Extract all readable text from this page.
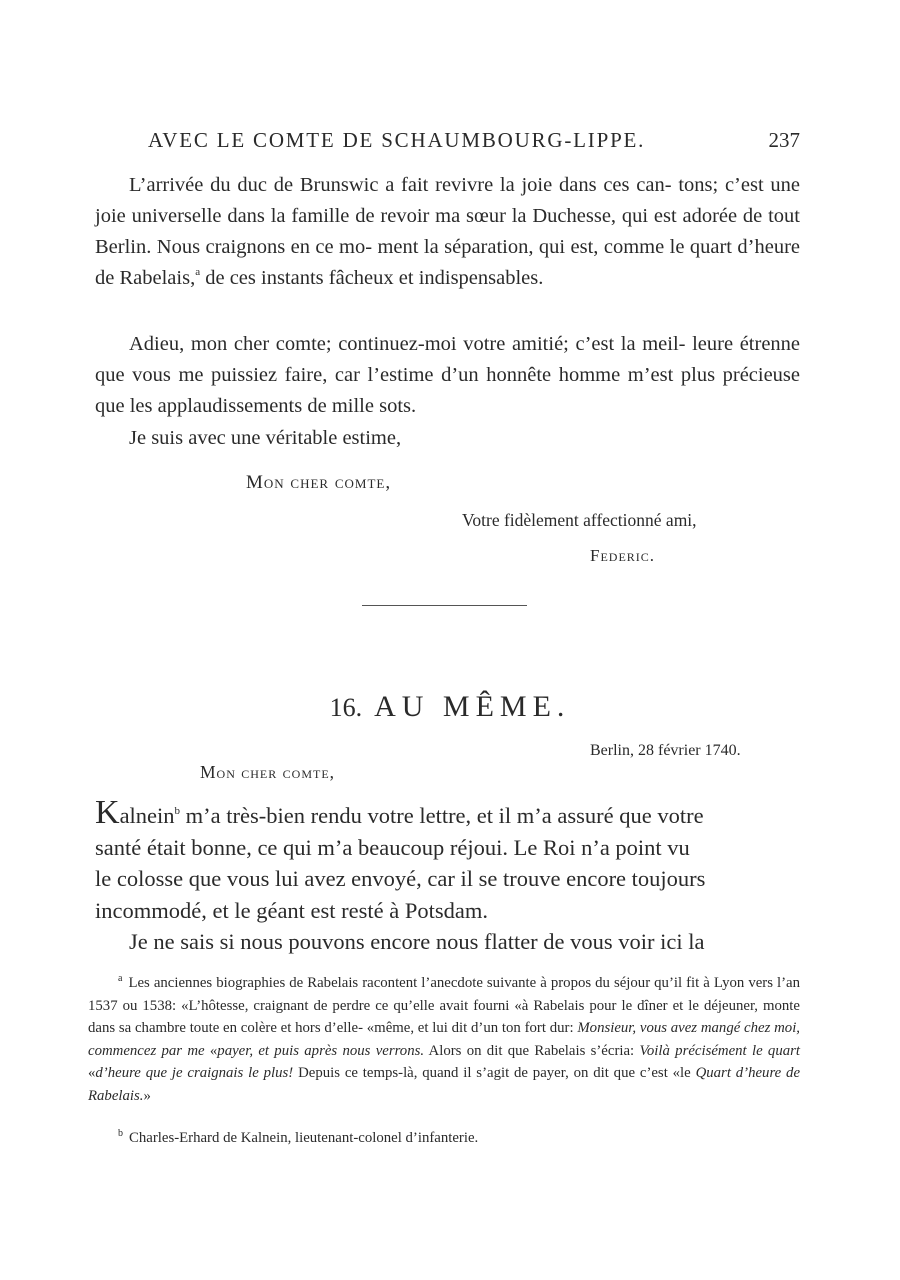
AVEC LE COMTE DE SCHAUMBOURG-LIPPE.	237

L’arrivée du duc de Brunswic a fait revivre la joie dans ces can- tons; c’est une joie universelle dans la famille de revoir ma sœur la Duchesse, qui est adorée de tout Berlin. Nous craignons en ce mo- ment la séparation, qui est, comme le quart d’heure de Rabelais,$^a$ de ces instants fâcheux et indispensables.

Adieu, mon cher comte; continuez-moi votre amitié; c’est la meil- leure étrenne que vous me puissiez faire, car l’estime d’un honnête homme m’est plus précieuse que les applaudissements de mille sots.

Je suis avec une véritable estime,

Mon cher comte,
Votre fidèlement affectionné ami,
Federic.
16. AU MÊME.
Berlin, 28 février 1740.
Mon cher comte,

Kalnein$^b$ m’a très-bien rendu votre lettre, et il m’a assuré que votre
santé était bonne, ce qui m’a beaucoup réjoui. Le Roi n’a point vu
le colosse que vous lui avez envoyé, car il se trouve encore toujours
incommodé, et le géant est resté à Potsdam.
Je ne sais si nous pouvons encore nous flatter de vous voir ici la

$^a$ Les anciennes biographies de Rabelais racontent l’anecdote suivante à propos du séjour qu’il fit à Lyon vers l’an 1537 ou 1538: «L’hôtesse, craignant de perdre ce qu’elle avait fourni «à Rabelais pour le dîner et le déjeuner, monte dans sa chambre toute en colère et hors d’elle- «même, et lui dit d’un ton fort dur: Monsieur, vous avez mangé chez moi, commencez par me «payer, et puis après nous verrons. Alors on dit que Rabelais s’écria: Voilà précisément le quart «d’heure que je craignais le plus! Depuis ce temps-là, quand il s’agit de payer, on dit que c’est «le Quart d’heure de Rabelais.»

$^b$ Charles-Erhard de Kalnein, lieutenant-colonel d’infanterie.
